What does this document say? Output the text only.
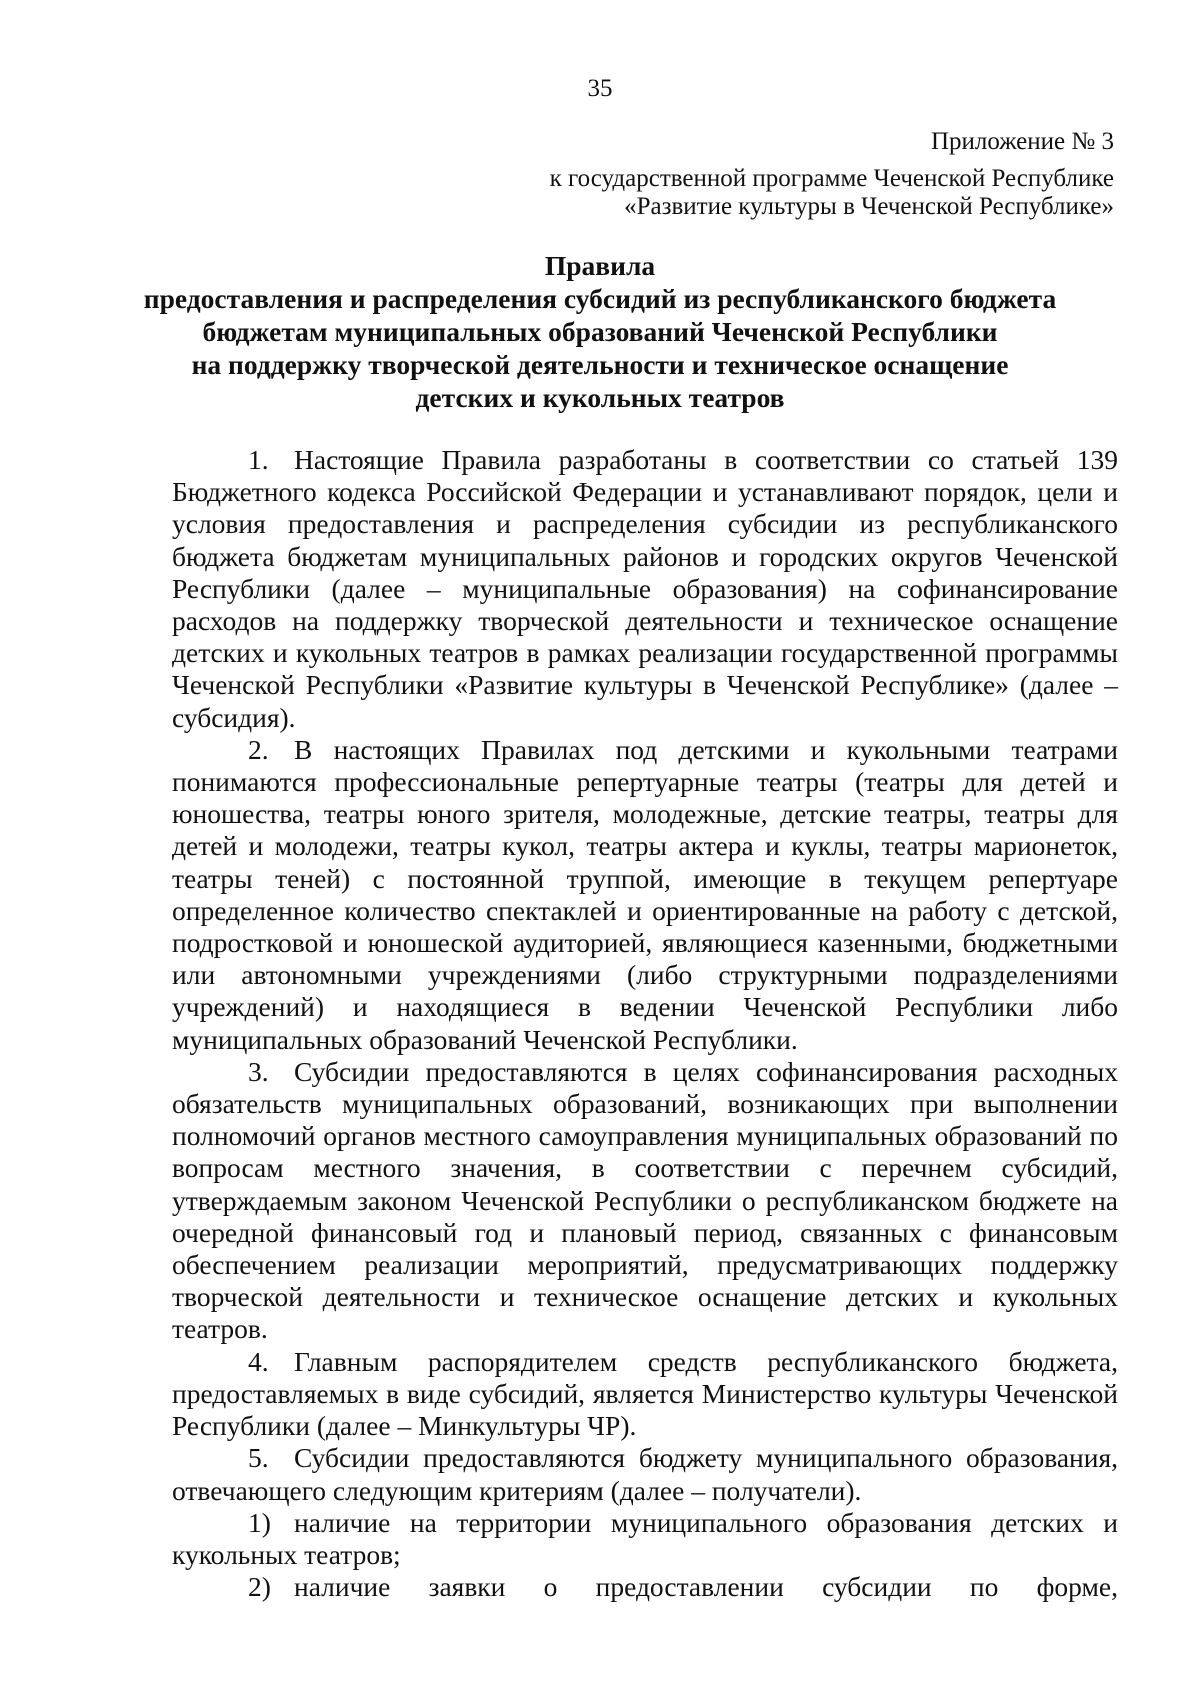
35
Приложение № 3
к государственной программе Чеченской Республике
«Развитие культуры в Чеченской Республике»
Правила
предоставления и распределения субсидий из республиканского бюджета
бюджетам муниципальных образований Чеченской Республики
на поддержку творческой деятельности и техническое оснащение
детских и кукольных театров

1. Настоящие Правила разработаны в соответствии со статьей 139 Бюджетного кодекса Российской Федерации и устанавливают порядок, цели и условия предоставления и распределения субсидии из республиканского бюджета бюджетам муниципальных районов и городских округов Чеченской Республики (далее – муниципальные образования) на софинансирование расходов на поддержку творческой деятельности и техническое оснащение детских и кукольных театров в рамках реализации государственной программы Чеченской Республики «Развитие культуры в Чеченской Республике» (далее – субсидия).

2. В настоящих Правилах под детскими и кукольными театрами понимаются профессиональные репертуарные театры (театры для детей и юношества, театры юного зрителя, молодежные, детские театры, театры для детей и молодежи, театры кукол, театры актера и куклы, театры марионеток, театры теней) с постоянной труппой, имеющие в текущем репертуаре определенное количество спектаклей и ориентированные на работу с детской, подростковой и юношеской аудиторией, являющиеся казенными, бюджетными или автономными учреждениями (либо структурными подразделениями учреждений) и находящиеся в ведении Чеченской Республики либо муниципальных образований Чеченской Республики.

3. Субсидии предоставляются в целях софинансирования расходных обязательств муниципальных образований, возникающих при выполнении полномочий органов местного самоуправления муниципальных образований по вопросам местного значения, в соответствии с перечнем субсидий, утверждаемым законом Чеченской Республики о республиканском бюджете на очередной финансовый год и плановый период, связанных с финансовым обеспечением реализации мероприятий, предусматривающих поддержку творческой деятельности и техническое оснащение детских и кукольных театров.

4. Главным распорядителем средств республиканского бюджета, предоставляемых в виде субсидий, является Министерство культуры Чеченской Республики (далее – Минкультуры ЧР).

5. Субсидии предоставляются бюджету муниципального образования, отвечающего следующим критериям (далее – получатели).

1) наличие на территории муниципального образования детских и кукольных театров;

2) наличие заявки о предоставлении субсидии по форме,
